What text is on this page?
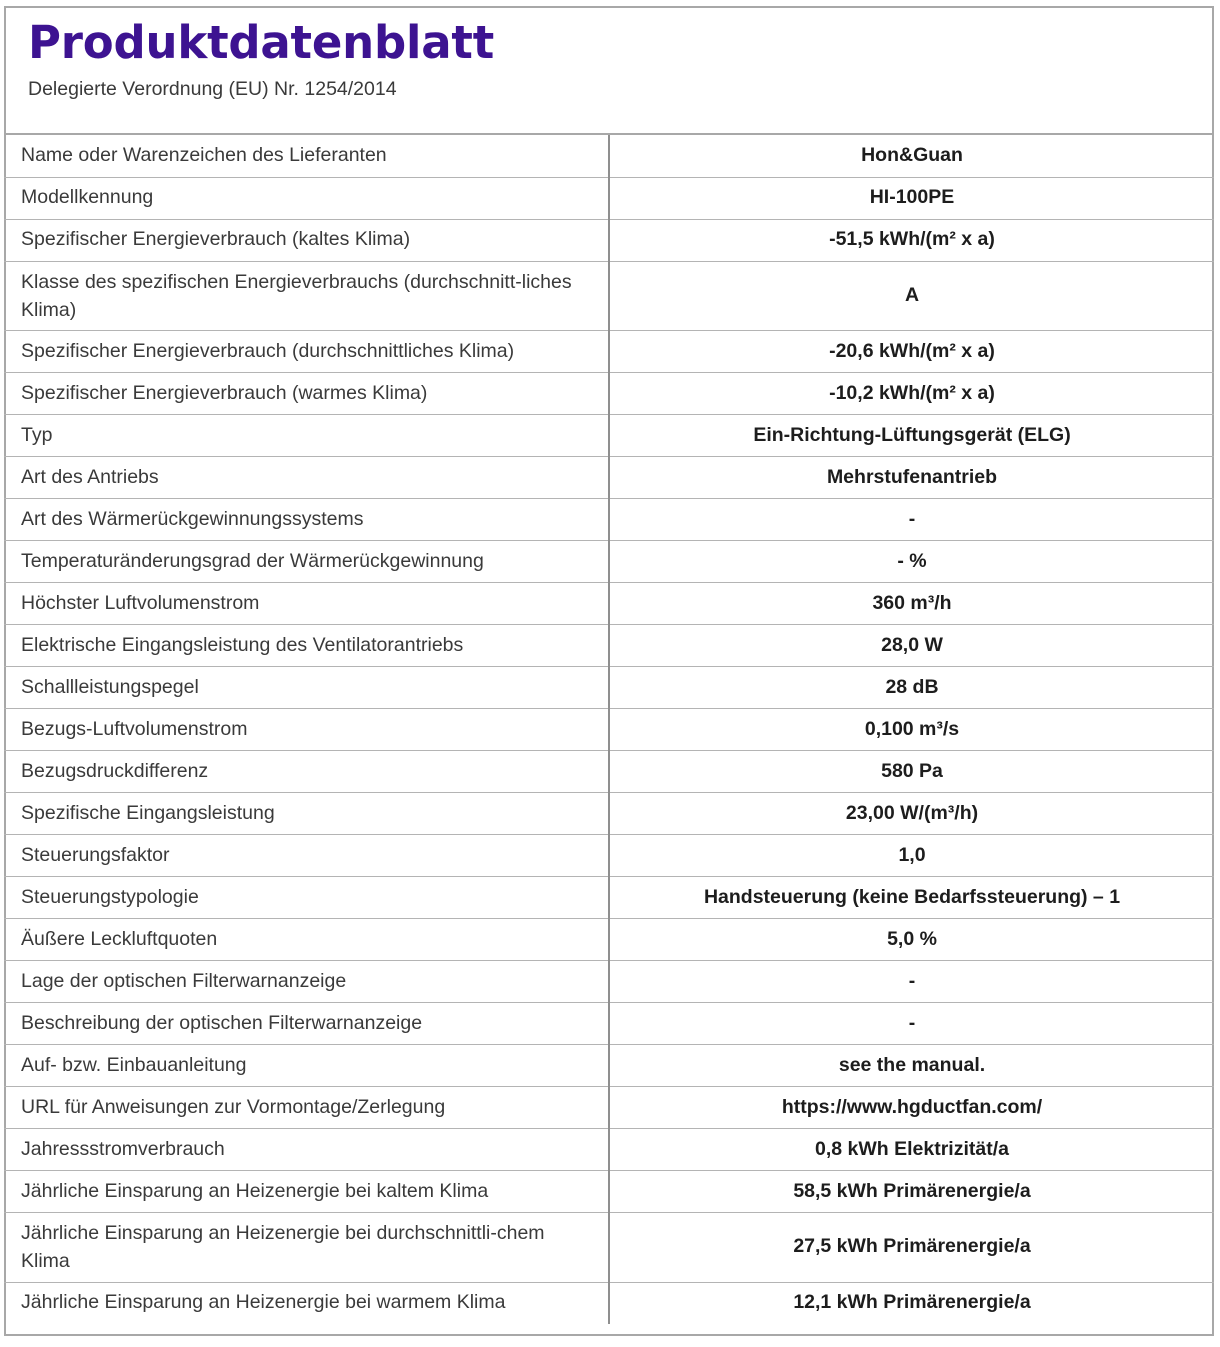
Produktdatenblatt

Delegierte Verordnung (EU) Nr. 1254/2014

Name oder Warenzeichen des Lieferanten	Hon&Guan
Modellkennung	HI-100PE
Spezifischer Energieverbrauch (kaltes Klima)	-51,5 kWh/(m² x a)
Klasse des spezifischen Energieverbrauchs (durchschnitt-liches Klima)	A
Spezifischer Energieverbrauch (durchschnittliches Klima)	-20,6 kWh/(m² x a)
Spezifischer Energieverbrauch (warmes Klima)	-10,2 kWh/(m² x a)
Typ	Ein-Richtung-Lüftungsgerät (ELG)
Art des Antriebs	Mehrstufenantrieb
Art des Wärmerückgewinnungssystems	-
Temperaturänderungsgrad der Wärmerückgewinnung	- %
Höchster Luftvolumenstrom	360 m³/h
Elektrische Eingangsleistung des Ventilatorantriebs	28,0 W
Schallleistungspegel	28 dB
Bezugs-Luftvolumenstrom	0,100 m³/s
Bezugsdruckdifferenz	580 Pa
Spezifische Eingangsleistung	23,00 W/(m³/h)
Steuerungsfaktor	1,0
Steuerungstypologie	Handsteuerung (keine Bedarfssteuerung) – 1
Äußere Leckluftquoten	5,0 %
Lage der optischen Filterwarnanzeige	-
Beschreibung der optischen Filterwarnanzeige	-
Auf- bzw. Einbauanleitung	see the manual.
URL für Anweisungen zur Vormontage/Zerlegung	https://www.hgductfan.com/
Jahressstromverbrauch	0,8 kWh Elektrizität/a
Jährliche Einsparung an Heizenergie bei kaltem Klima	58,5 kWh Primärenergie/a
Jährliche Einsparung an Heizenergie bei durchschnittli-chem Klima	27,5 kWh Primärenergie/a
Jährliche Einsparung an Heizenergie bei warmem Klima	12,1 kWh Primärenergie/a
